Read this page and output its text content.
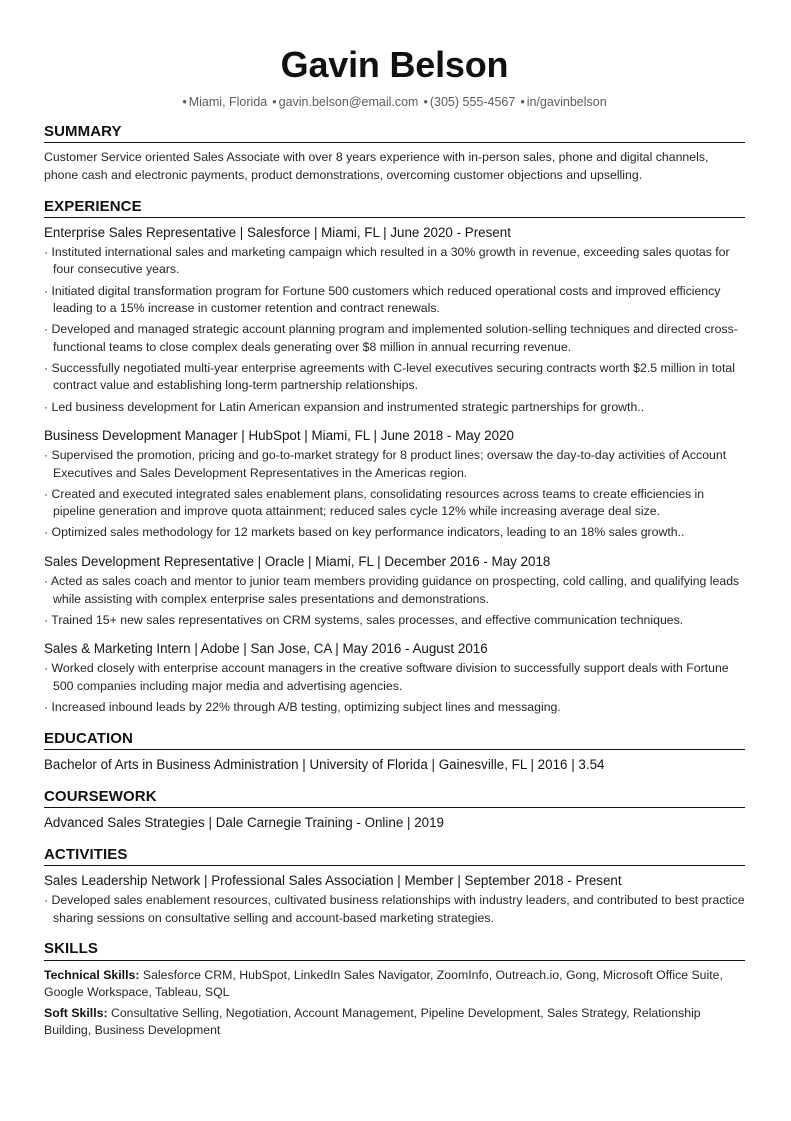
Gavin Belson
• Miami, Florida • gavin.belson@email.com • (305) 555-4567 • in/gavinbelson
SUMMARY

Customer Service oriented Sales Associate with over 8 years experience with in-person sales, phone and digital channels, phone cash and electronic payments, product demonstrations, overcoming customer objections and upselling.

EXPERIENCE
Enterprise Sales Representative | Salesforce | Miami, FL | June 2020 - Present

· Instituted international sales and marketing campaign which resulted in a 30% growth in revenue, exceeding sales quotas for four consecutive years.

· Initiated digital transformation program for Fortune 500 customers which reduced operational costs and improved efficiency leading to a 15% increase in customer retention and contract renewals.

· Developed and managed strategic account planning program and implemented solution-selling techniques and directed cross-functional teams to close complex deals generating over $8 million in annual recurring revenue.

· Successfully negotiated multi-year enterprise agreements with C-level executives securing contracts worth $2.5 million in total contract value and establishing long-term partnership relationships.

· Led business development for Latin American expansion and instrumented strategic partnerships for growth..

Business Development Manager | HubSpot | Miami, FL | June 2018 - May 2020

· Supervised the promotion, pricing and go-to-market strategy for 8 product lines; oversaw the day-to-day activities of Account Executives and Sales Development Representatives in the Americas region.

· Created and executed integrated sales enablement plans, consolidating resources across teams to create efficiencies in pipeline generation and improve quota attainment; reduced sales cycle 12% while increasing average deal size.

· Optimized sales methodology for 12 markets based on key performance indicators, leading to an 18% sales growth..

Sales Development Representative | Oracle | Miami, FL | December 2016 - May 2018

· Acted as sales coach and mentor to junior team members providing guidance on prospecting, cold calling, and qualifying leads while assisting with complex enterprise sales presentations and demonstrations.

· Trained 15+ new sales representatives on CRM systems, sales processes, and effective communication techniques.

Sales & Marketing Intern | Adobe | San Jose, CA | May 2016 - August 2016

· Worked closely with enterprise account managers in the creative software division to successfully support deals with Fortune 500 companies including major media and advertising agencies.

· Increased inbound leads by 22% through A/B testing, optimizing subject lines and messaging.

EDUCATION
Bachelor of Arts in Business Administration | University of Florida | Gainesville, FL | 2016 | 3.54
COURSEWORK
Advanced Sales Strategies | Dale Carnegie Training - Online | 2019
ACTIVITIES
Sales Leadership Network | Professional Sales Association | Member | September 2018 - Present

· Developed sales enablement resources, cultivated business relationships with industry leaders, and contributed to best practice sharing sessions on consultative selling and account-based marketing strategies.

SKILLS

Technical Skills: Salesforce CRM, HubSpot, LinkedIn Sales Navigator, ZoomInfo, Outreach.io, Gong, Microsoft Office Suite, Google Workspace, Tableau, SQL

Soft Skills: Consultative Selling, Negotiation, Account Management, Pipeline Development, Sales Strategy, Relationship Building, Business Development
